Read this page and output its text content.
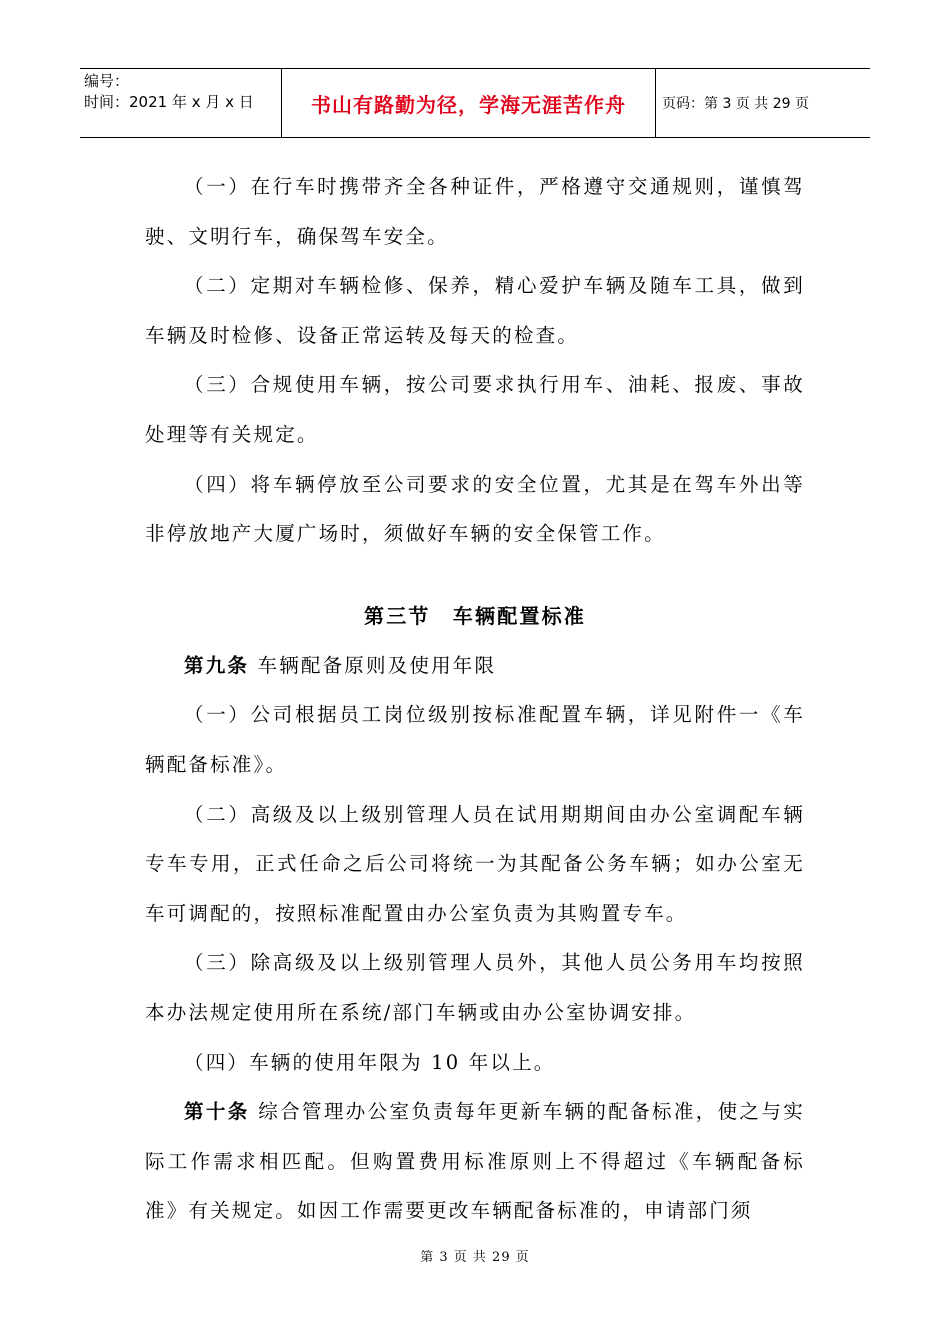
编号：
时间：2021 年 x 月 x 日	书山有路勤为径，学海无涯苦作舟	页码：第 3 页 共 29 页

（一）在行车时携带齐全各种证件，严格遵守交通规则，谨慎驾驶、文明行车，确保驾车安全。

（二）定期对车辆检修、保养，精心爱护车辆及随车工具，做到车辆及时检修、设备正常运转及每天的检查。

（三）合规使用车辆，按公司要求执行用车、油耗、报废、事故处理等有关规定。

（四）将车辆停放至公司要求的安全位置，尤其是在驾车外出等非停放地产大厦广场时，须做好车辆的安全保管工作。

第三节　车辆配置标准

第九条 车辆配备原则及使用年限

（一）公司根据员工岗位级别按标准配置车辆，详见附件一《车辆配备标准》。

（二）高级及以上级别管理人员在试用期期间由办公室调配车辆专车专用，正式任命之后公司将统一为其配备公务车辆；如办公室无车可调配的，按照标准配置由办公室负责为其购置专车。

（三）除高级及以上级别管理人员外，其他人员公务用车均按照本办法规定使用所在系统/部门车辆或由办公室协调安排。

（四）车辆的使用年限为 10 年以上。

第十条 综合管理办公室负责每年更新车辆的配备标准，使之与实际工作需求相匹配。但购置费用标准原则上不得超过《车辆配备标准》有关规定。如因工作需要更改车辆配备标准的，申请部门须

第 3 页 共 29 页
